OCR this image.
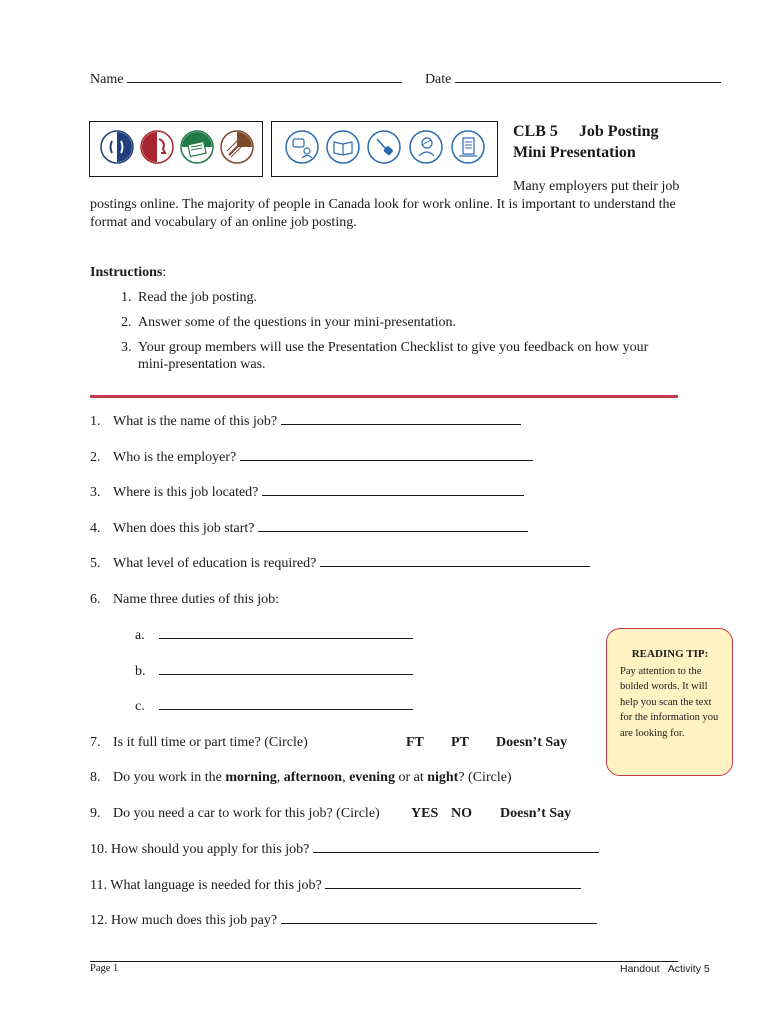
Name	Date
CLB 5 Job Posting
Mini Presentation
Many employers put their job postings online. The majority of people in Canada look for work online. It is important to understand the format and vocabulary of an online job posting.
Instructions:
1. Read the job posting.
2. Answer some of the questions in your mini-presentation.
3. Your group members will use the Presentation Checklist to give you feedback on how your mini-presentation was.
1. What is the name of this job?
2. Who is the employer?
3. Where is this job located?
4. When does this job start?
5. What level of education is required?
6. Name three duties of this job:
a.
b.
c.
7. Is it full time or part time? (Circle)	FT PT Doesn’t Say
8. Do you work in the morning, afternoon, evening or at night? (Circle)
9. Do you need a car to work for this job? (Circle) YES NO Doesn’t Say
10. How should you apply for this job?
11. What language is needed for this job?
12. How much does this job pay?
READING TIP:
Pay attention to the bolded words. It will help you scan the text for the information you are looking for.
Page 1	Handout Activity 5
